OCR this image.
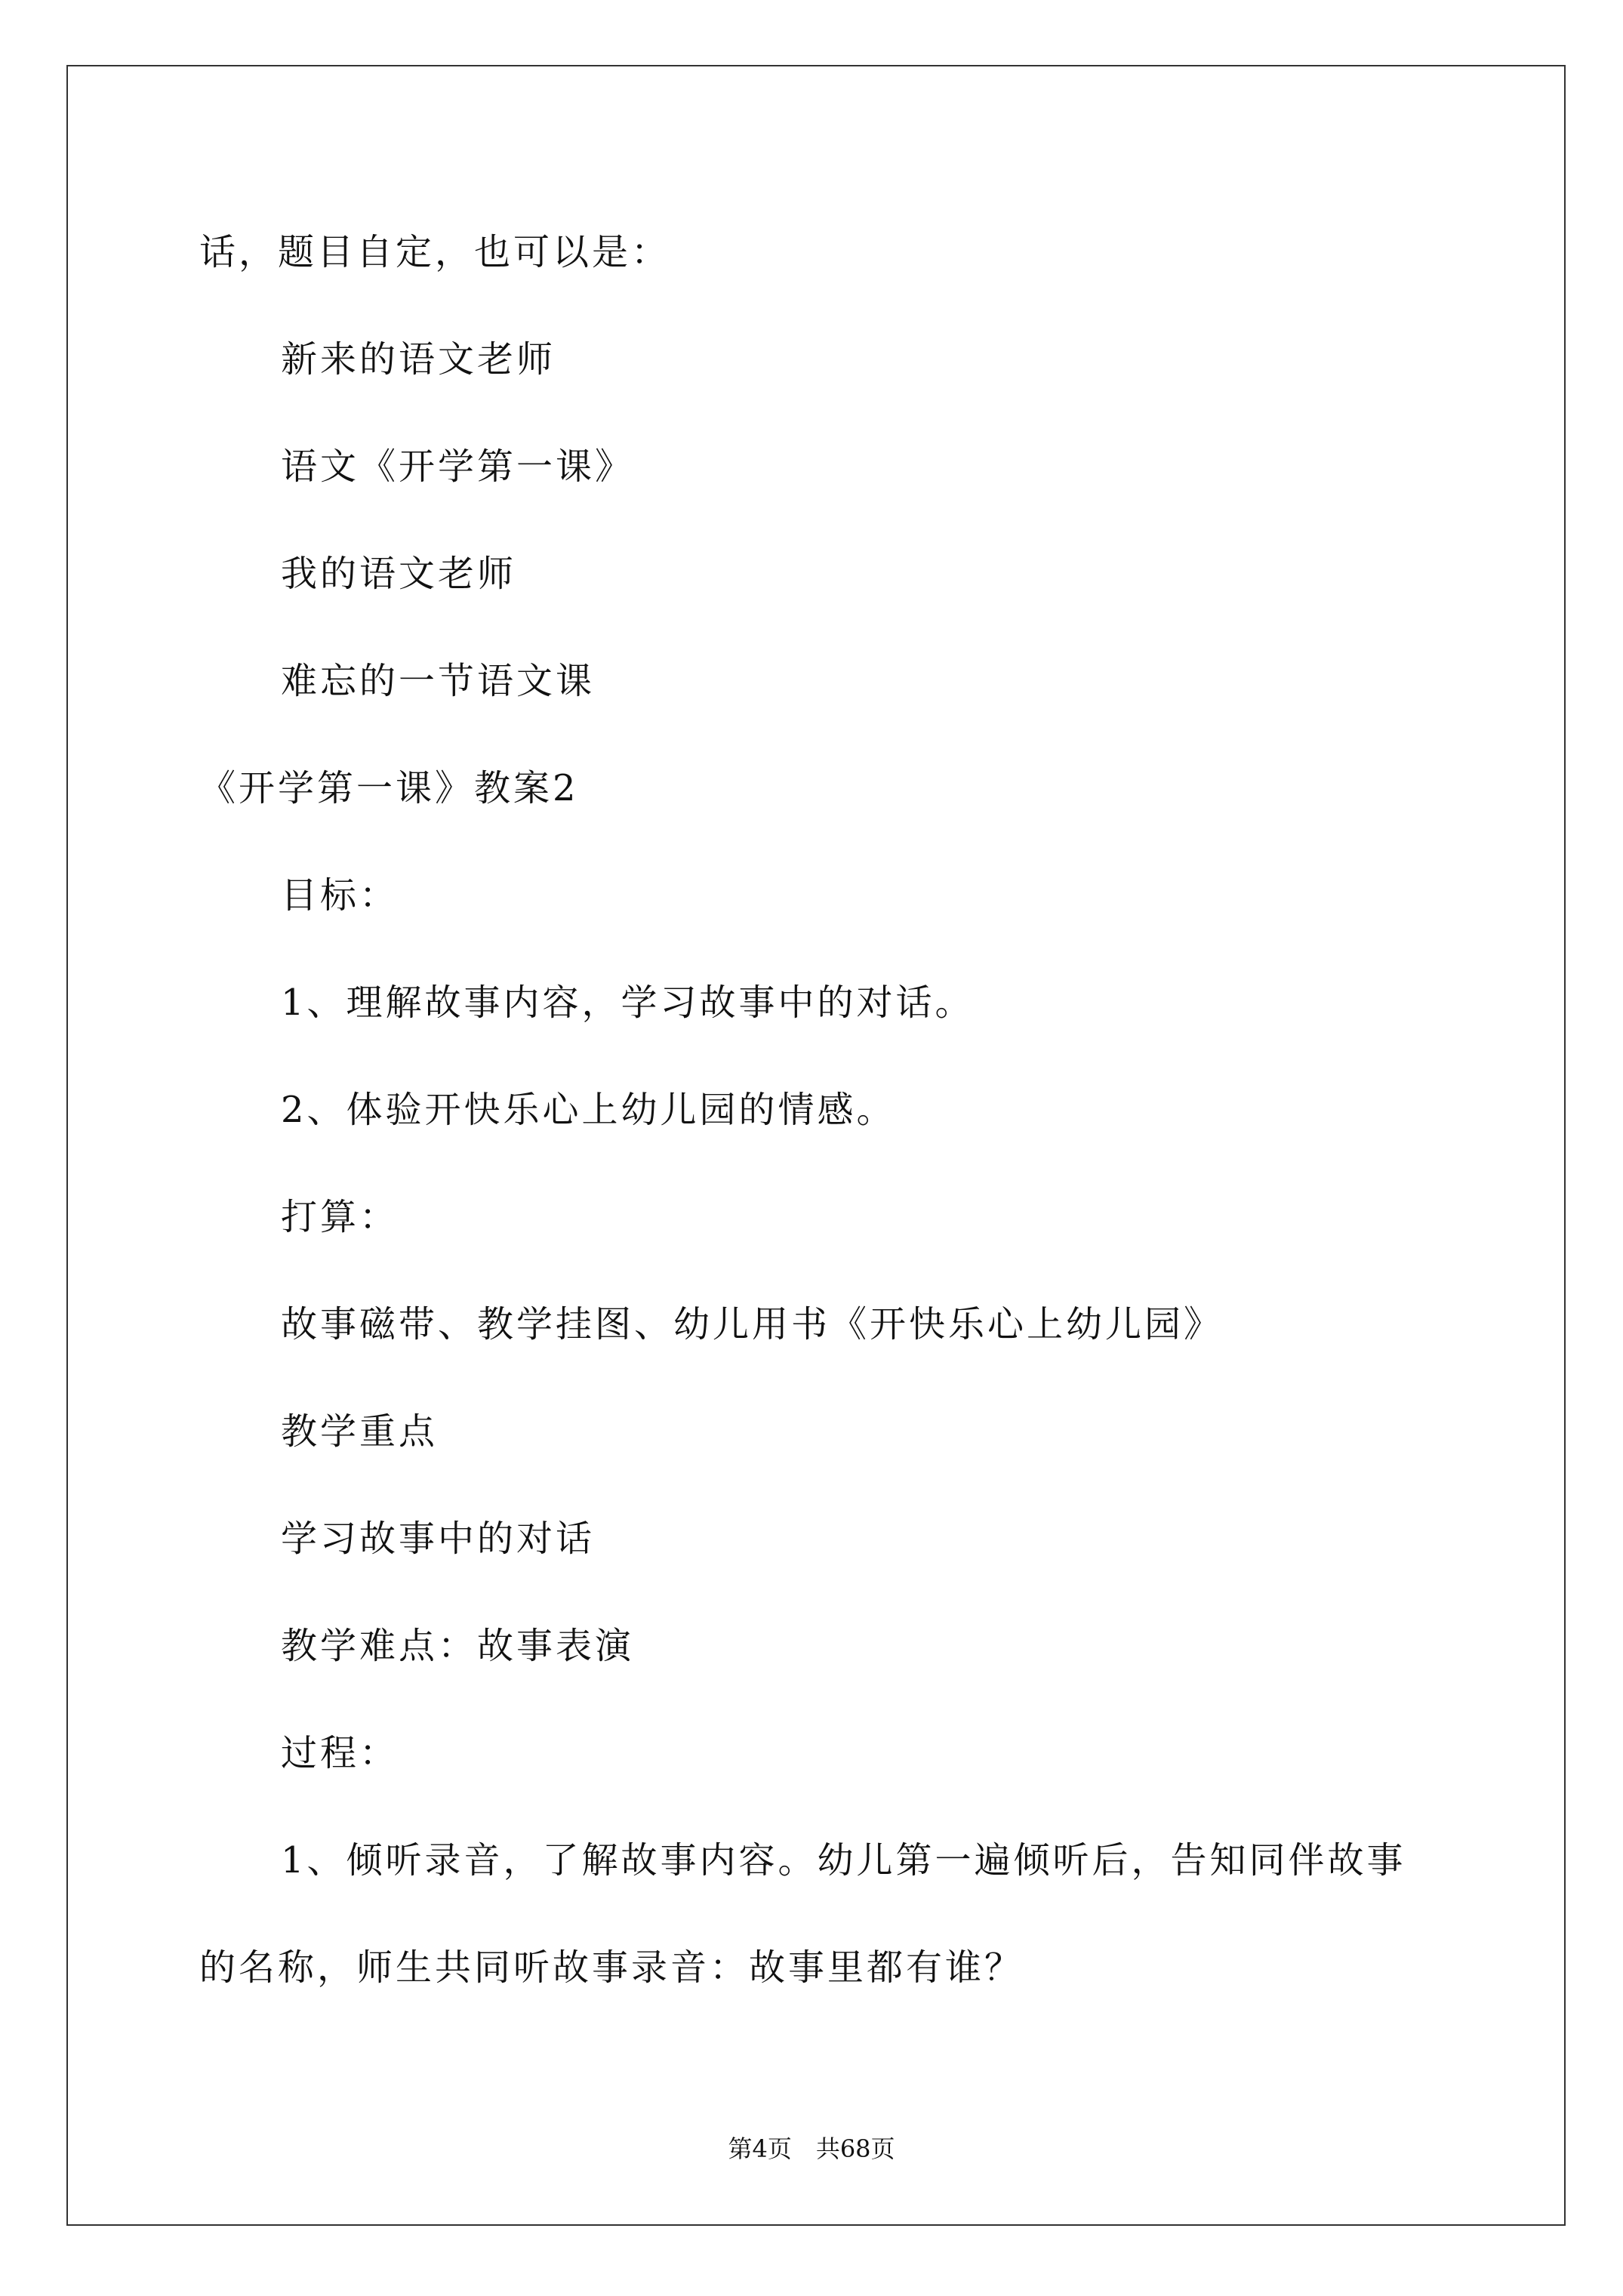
话，题目自定，也可以是：
新来的语文老师
语文《开学第一课》
我的语文老师
难忘的一节语文课
《开学第一课》教案2
目标：
1、理解故事内容，学习故事中的对话。
2、体验开快乐心上幼儿园的情感。
打算：
故事磁带、教学挂图、幼儿用书《开快乐心上幼儿园》
教学重点
学习故事中的对话
教学难点：故事表演
过程：
1、倾听录音，了解故事内容。幼儿第一遍倾听后，告知同伴故事
的名称，师生共同听故事录音：故事里都有谁？
第4页　共68页
